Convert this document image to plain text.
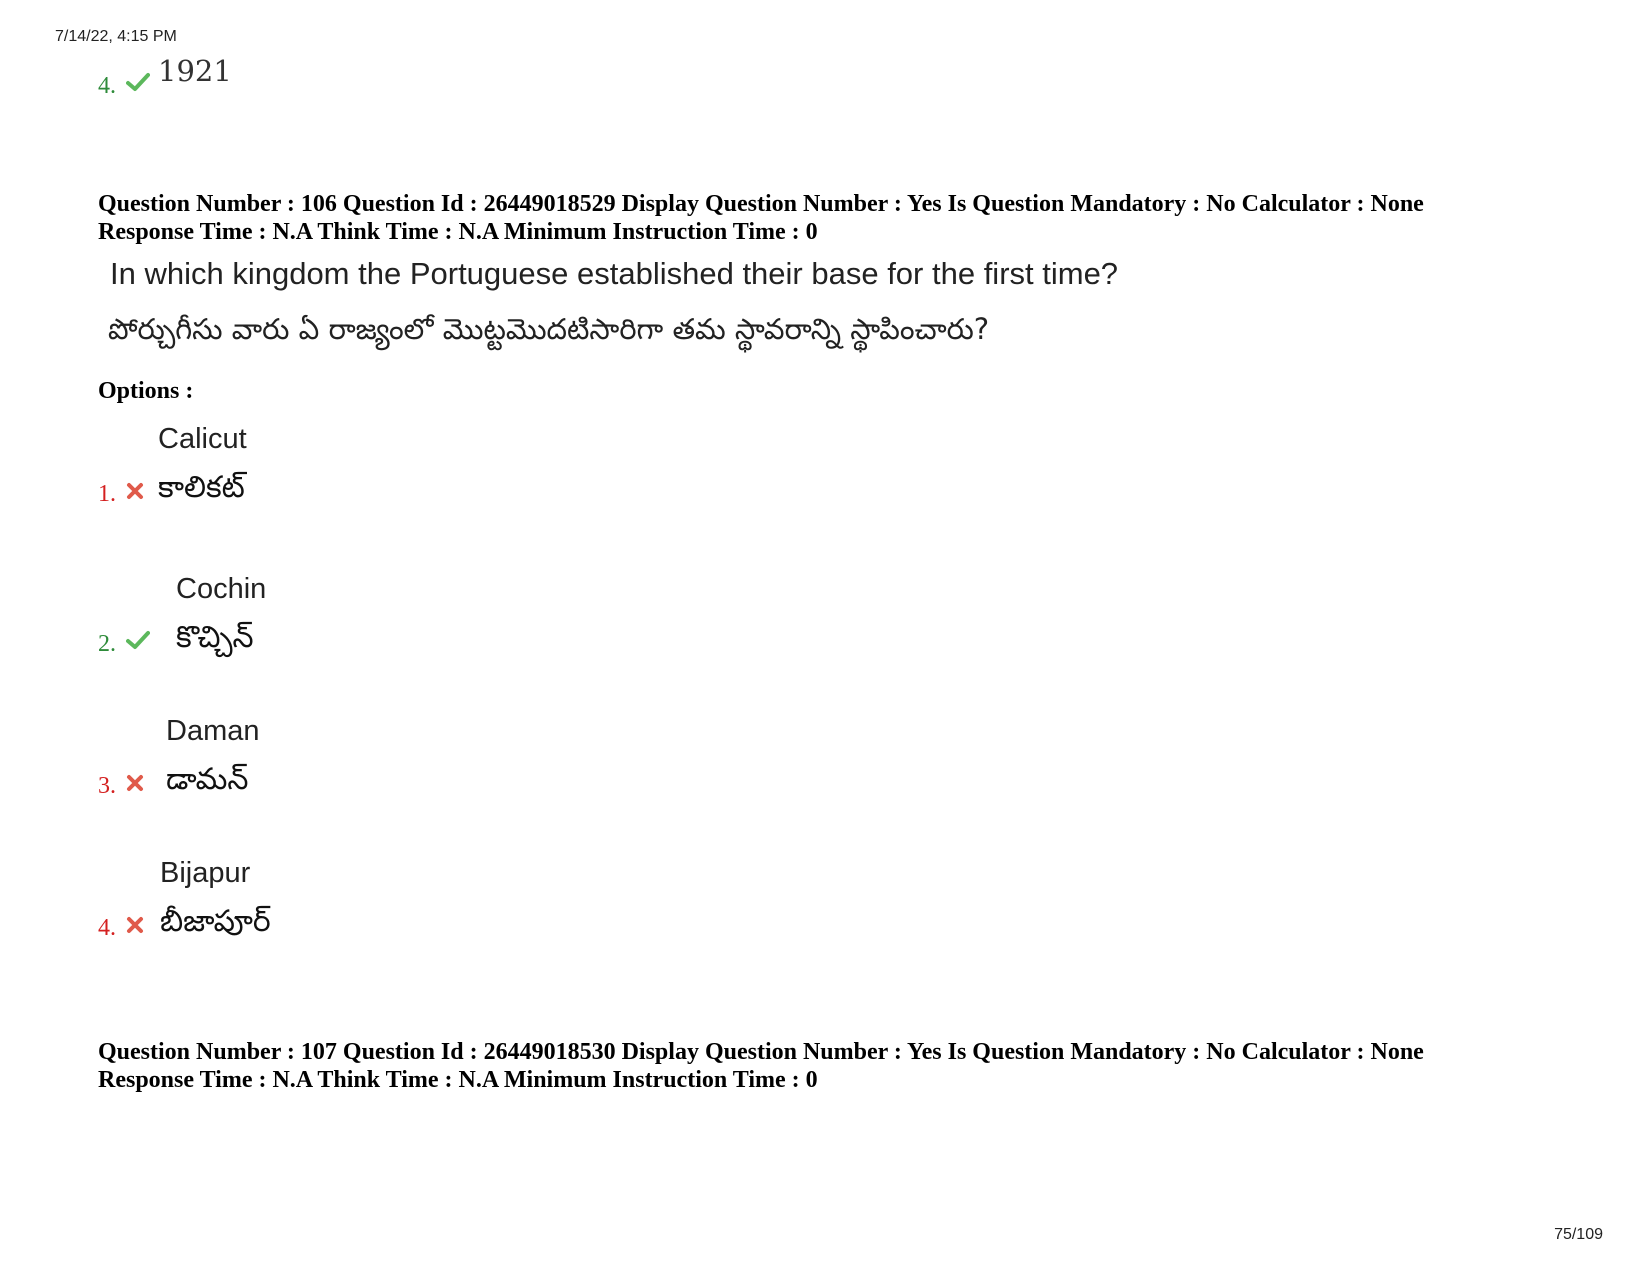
7/14/22, 4:15 PM
4.	1921
Question Number : 106 Question Id : 26449018529 Display Question Number : Yes Is Question Mandatory : No Calculator : None
Response Time : N.A Think Time : N.A Minimum Instruction Time : 0
In which kingdom the Portuguese established their base for the first time?
పోర్చుగీసు వారు ఏ రాజ్యంలో మొట్టమొదటిసారిగా తమ స్థావరాన్ని స్థాపించారు?
Options :
1.
Calicut
కాలికట్
2.
Cochin
కొచ్చిన్
3.
Daman
డామన్
4.
Bijapur
బీజాపూర్
Question Number : 107 Question Id : 26449018530 Display Question Number : Yes Is Question Mandatory : No Calculator : None
Response Time : N.A Think Time : N.A Minimum Instruction Time : 0
75/109
